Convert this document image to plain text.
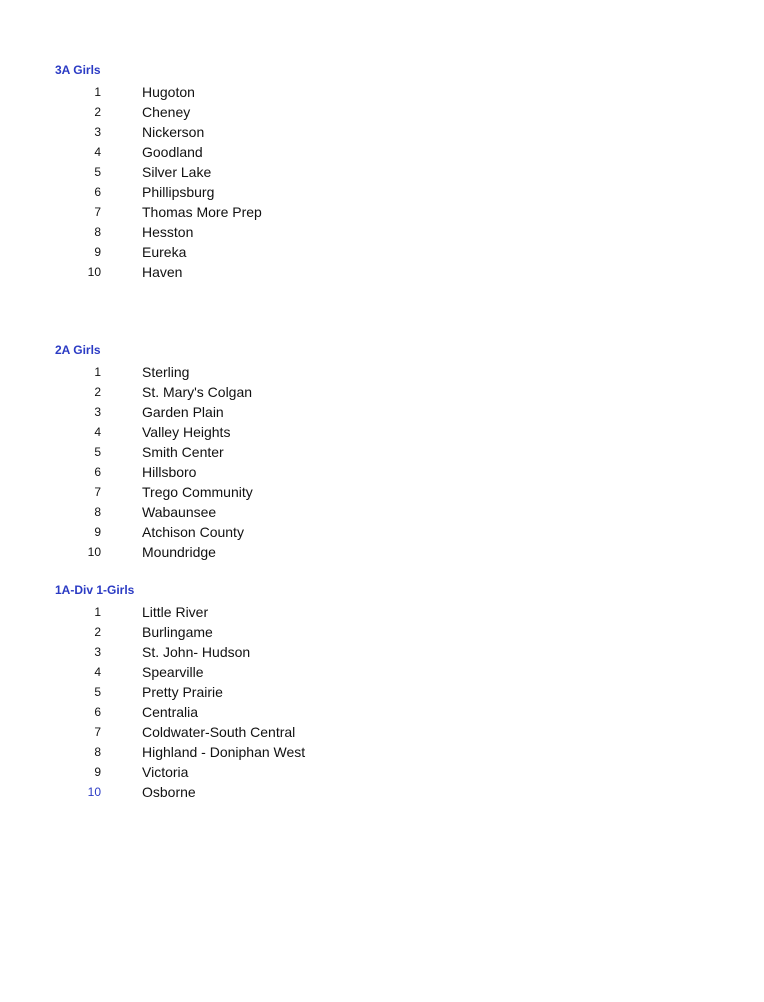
3A Girls
1	Hugoton
2	Cheney
3	Nickerson
4	Goodland
5	Silver Lake
6	Phillipsburg
7	Thomas More Prep
8	Hesston
9	Eureka
10	Haven
2A Girls
1	Sterling
2	St. Mary's Colgan
3	Garden Plain
4	Valley Heights
5	Smith Center
6	Hillsboro
7	Trego Community
8	Wabaunsee
9	Atchison County
10	Moundridge
1A-Div 1-Girls
1	Little River
2	Burlingame
3	St. John- Hudson
4	Spearville
5	Pretty Prairie
6	Centralia
7	Coldwater-South Central
8	Highland - Doniphan West
9	Victoria
10	Osborne
